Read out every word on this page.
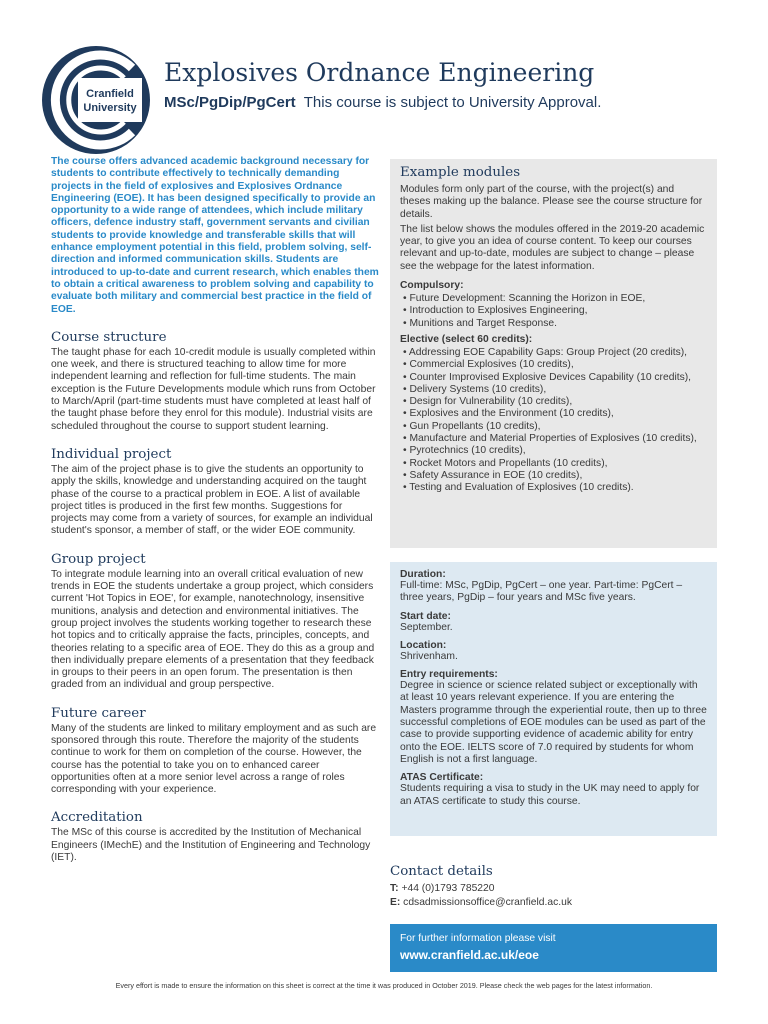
Cranfield
University
Explosives Ordnance Engineering
MSc/PgDip/PgCert This course is subject to University Approval.
The course offers advanced academic background necessary for students to contribute effectively to technically demanding projects in the field of explosives and Explosives Ordnance Engineering (EOE). It has been designed specifically to provide an opportunity to a wide range of attendees, which include military officers, defence industry staff, government servants and civilian students to provide knowledge and transferable skills that will enhance employment potential in this field, problem solving, self-direction and informed communication skills. Students are introduced to up-to-date and current research, which enables them to obtain a critical awareness to problem solving and capability to evaluate both military and commercial best practice in the field of EOE.
Course structure
The taught phase for each 10-credit module is usually completed within one week, and there is structured teaching to allow time for more independent learning and reflection for full-time students. The main exception is the Future Developments module which runs from October to March/April (part-time students must have completed at least half of the taught phase before they enrol for this module). Industrial visits are scheduled throughout the course to support student learning.
Individual project
The aim of the project phase is to give the students an opportunity to apply the skills, knowledge and understanding acquired on the taught phase of the course to a practical problem in EOE. A list of available project titles is produced in the first few months. Suggestions for projects may come from a variety of sources, for example an individual student's sponsor, a member of staff, or the wider EOE community.
Group project
To integrate module learning into an overall critical evaluation of new trends in EOE the students undertake a group project, which considers current 'Hot Topics in EOE', for example, nanotechnology, insensitive munitions, analysis and detection and environmental initiatives. The group project involves the students working together to research these hot topics and to critically appraise the facts, principles, concepts, and theories relating to a specific area of EOE. They do this as a group and then individually prepare elements of a presentation that they feedback in groups to their peers in an open forum. The presentation is then graded from an individual and group perspective.
Future career
Many of the students are linked to military employment and as such are sponsored through this route. Therefore the majority of the students continue to work for them on completion of the course. However, the course has the potential to take you on to enhanced career opportunities often at a more senior level across a range of roles corresponding with your experience.
Accreditation
The MSc of this course is accredited by the Institution of Mechanical Engineers (IMechE) and the Institution of Engineering and Technology (IET).
Example modules
Modules form only part of the course, with the project(s) and theses making up the balance. Please see the course structure for details.
The list below shows the modules offered in the 2019-20 academic year, to give you an idea of course content. To keep our courses relevant and up-to-date, modules are subject to change – please see the webpage for the latest information.
Compulsory:
• Future Development: Scanning the Horizon in EOE,
• Introduction to Explosives Engineering,
• Munitions and Target Response.
Elective (select 60 credits):
• Addressing EOE Capability Gaps: Group Project (20 credits),
• Commercial Explosives (10 credits),
• Counter Improvised Explosive Devices Capability (10 credits),
• Delivery Systems (10 credits),
• Design for Vulnerability (10 credits),
• Explosives and the Environment (10 credits),
• Gun Propellants (10 credits),
• Manufacture and Material Properties of Explosives (10 credits),
• Pyrotechnics (10 credits),
• Rocket Motors and Propellants (10 credits),
• Safety Assurance in EOE (10 credits),
• Testing and Evaluation of Explosives (10 credits).
Duration:
Full-time: MSc, PgDip, PgCert – one year. Part-time: PgCert – three years, PgDip – four years and MSc five years.
Start date:
September.
Location:
Shrivenham.
Entry requirements:
Degree in science or science related subject or exceptionally with at least 10 years relevant experience. If you are entering the Masters programme through the experiential route, then up to three successful completions of EOE modules can be used as part of the case to provide supporting evidence of academic ability for entry onto the EOE. IELTS score of 7.0 required by students for whom English is not a first language.
ATAS Certificate:
Students requiring a visa to study in the UK may need to apply for an ATAS certificate to study this course.
Contact details
T: +44 (0)1793 785220
E: cdsadmissionsoffice@cranfield.ac.uk
For further information please visit
www.cranfield.ac.uk/eoe
Every effort is made to ensure the information on this sheet is correct at the time it was produced in October 2019. Please check the web pages for the latest information.
